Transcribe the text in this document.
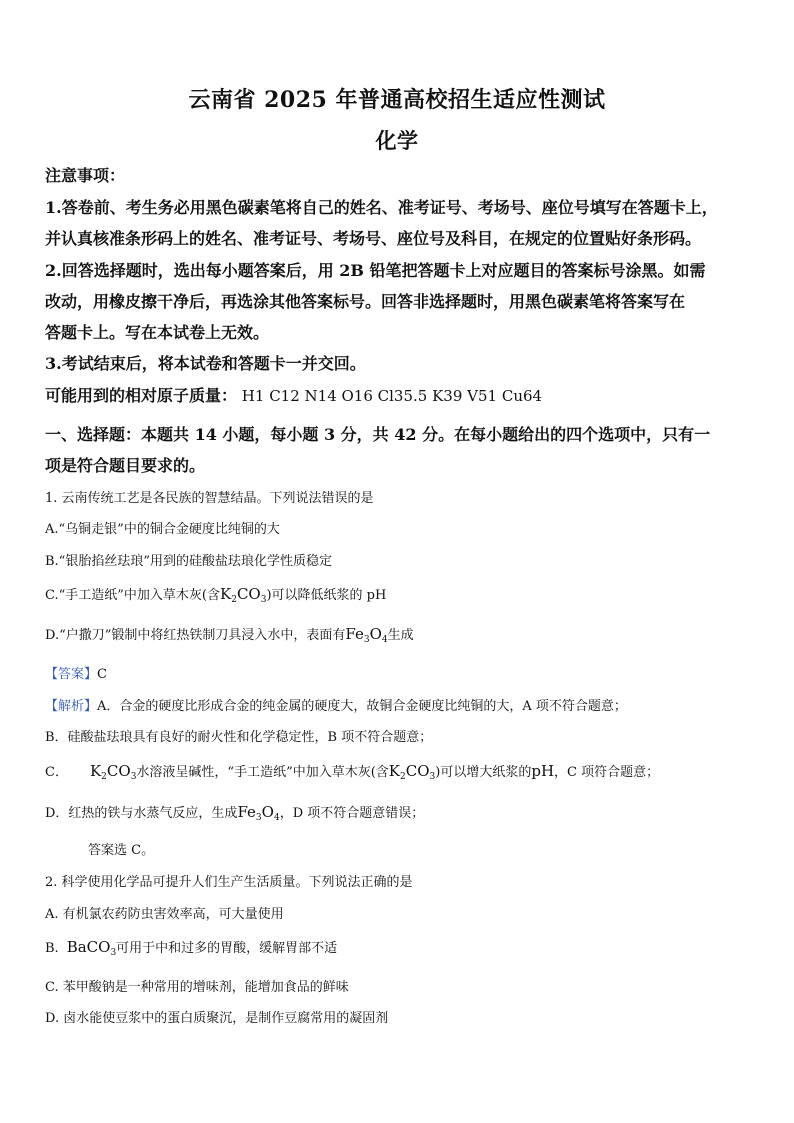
云南省 2025 年普通高校招生适应性测试
化学
注意事项：
1.答卷前、考生务必用黑色碳素笔将自己的姓名、准考证号、考场号、座位号填写在答题卡上，
并认真核准条形码上的姓名、准考证号、考场号、座位号及科目，在规定的位置贴好条形码。
2.回答选择题时，选出每小题答案后，用 2B 铅笔把答题卡上对应题目的答案标号涂黑。如需
改动，用橡皮擦干净后，再选涂其他答案标号。回答非选择题时，用黑色碳素笔将答案写在
答题卡上。写在本试卷上无效。
3.考试结束后，将本试卷和答题卡一并交回。
可能用到的相对原子质量： H1 C12 N14 O16 Cl35.5 K39 V51 Cu64
一、选择题：本题共 14 小题，每小题 3 分，共 42 分。在每小题给出的四个选项中，只有一
项是符合题目要求的。
1. 云南传统工艺是各民族的智慧结晶。下列说法错误的是
A.“乌铜走银”中的铜合金硬度比纯铜的大
B.“银胎掐丝珐琅”用到的硅酸盐珐琅化学性质稳定
C.“手工造纸”中加入草木灰(含$K_2CO_3$)可以降低纸浆的 pH
D.“户撒刀”锻制中将红热铁制刀具浸入水中，表面有$Fe_3O_4$生成
【答案】C
【解析】A．合金的硬度比形成合金的纯金属的硬度大，故铜合金硬度比纯铜的大，A 项不符合题意；
B．硅酸盐珐琅具有良好的耐火性和化学稳定性，B 项不符合题意；
C． $K_2CO_3$水溶液呈碱性，“手工造纸”中加入草木灰(含$K_2CO_3$)可以增大纸浆的pH，C 项符合题意；
D．红热的铁与水蒸气反应，生成$Fe_3O_4$，D 项不符合题意错误；
答案选 C。
2. 科学使用化学品可提升人们生产生活质量。下列说法正确的是
A. 有机氯农药防虫害效率高，可大量使用
B. BaCO$_3$可用于中和过多的胃酸，缓解胃部不适
C. 苯甲酸钠是一种常用的增味剂，能增加食品的鲜味
D. 卤水能使豆浆中的蛋白质聚沉，是制作豆腐常用的凝固剂
